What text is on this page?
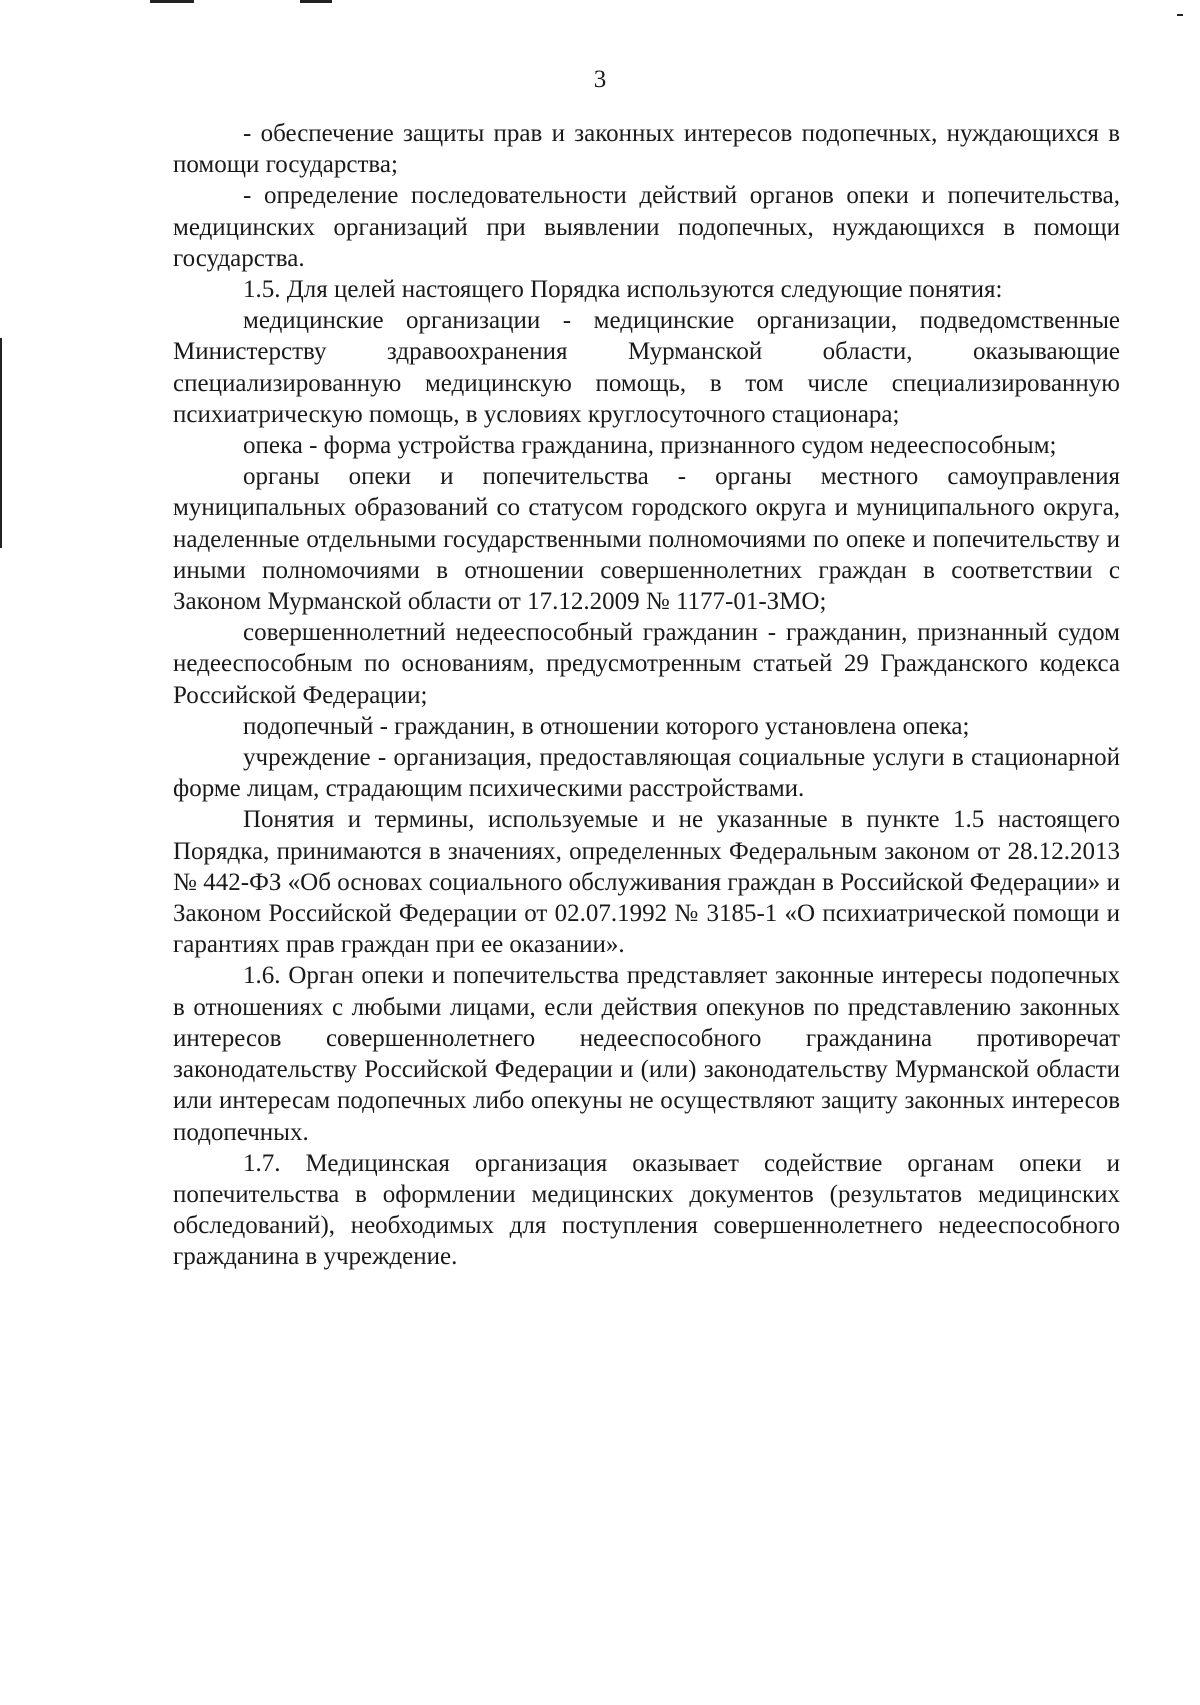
3

- обеспечение защиты прав и законных интересов подопечных, нуждающихся в помощи государства;

- определение последовательности действий органов опеки и попечительства, медицинских организаций при выявлении подопечных, нуждающихся в помощи государства.

1.5. Для целей настоящего Порядка используются следующие понятия:

медицинские организации - медицинские организации, подведомственные Министерству здравоохранения Мурманской области, оказывающие специализированную медицинскую помощь, в том числе специализированную психиатрическую помощь, в условиях круглосуточного стационара;

опека - форма устройства гражданина, признанного судом недееспособным;

органы опеки и попечительства - органы местного самоуправления муниципальных образований со статусом городского округа и муниципального округа, наделенные отдельными государственными полномочиями по опеке и попечительству и иными полномочиями в отношении совершеннолетних граждан в соответствии с Законом Мурманской области от 17.12.2009 № 1177-01-ЗМО;

совершеннолетний недееспособный гражданин - гражданин, признанный судом недееспособным по основаниям, предусмотренным статьей 29 Гражданского кодекса Российской Федерации;

подопечный - гражданин, в отношении которого установлена опека;

учреждение - организация, предоставляющая социальные услуги в стационарной форме лицам, страдающим психическими расстройствами.

Понятия и термины, используемые и не указанные в пункте 1.5 настоящего Порядка, принимаются в значениях, определенных Федеральным законом от 28.12.2013 № 442-ФЗ «Об основах социального обслуживания граждан в Российской Федерации» и Законом Российской Федерации от 02.07.1992 № 3185-1 «О психиатрической помощи и гарантиях прав граждан при ее оказании».

1.6. Орган опеки и попечительства представляет законные интересы подопечных в отношениях с любыми лицами, если действия опекунов по представлению законных интересов совершеннолетнего недееспособного гражданина противоречат законодательству Российской Федерации и (или) законодательству Мурманской области или интересам подопечных либо опекуны не осуществляют защиту законных интересов подопечных.

1.7. Медицинская организация оказывает содействие органам опеки и попечительства в оформлении медицинских документов (результатов медицинских обследований), необходимых для поступления совершеннолетнего недееспособного гражданина в учреждение.
